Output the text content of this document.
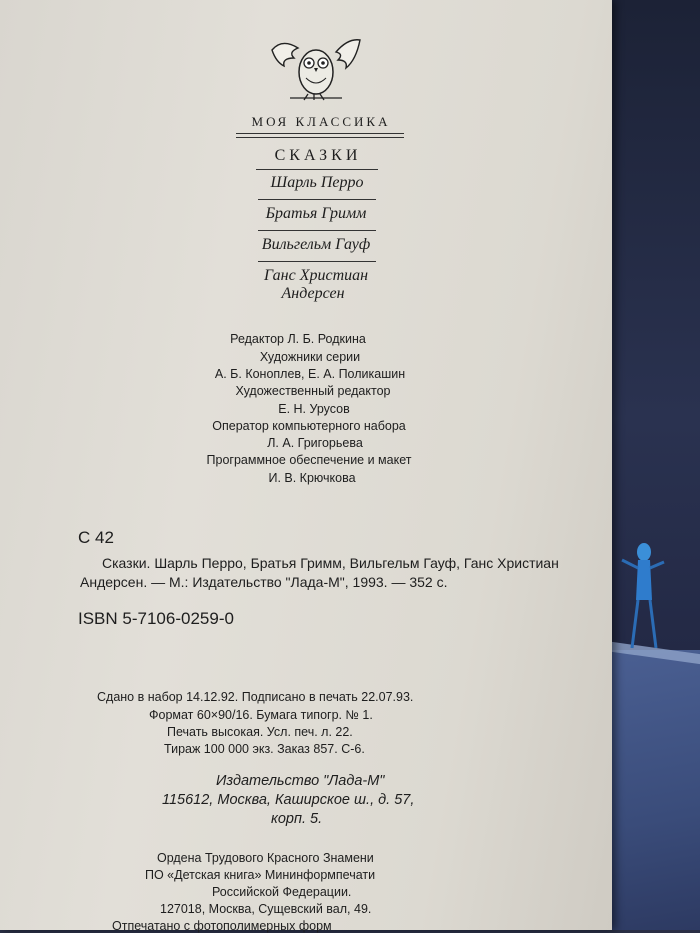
МОЯ КЛАССИКА
СКАЗКИ
Шарль Перро
Братья Гримм
Вильгельм Гауф
Ганс Христиан
Андерсен
Редактор Л. Б. Родкина
Художники серии
А. Б. Коноплев, Е. А. Поликашин
Художественный редактор
Е. Н. Урусов
Оператор компьютерного набора
Л. А. Григорьева
Программное обеспечение и макет
И. В. Крючкова
С 42
Сказки. Шарль Перро, Братья Гримм, Вильгельм Гауф, Ганс Христиан
Андерсен. — М.: Издательство "Лада-М", 1993. — 352 с.
ISBN 5-7106-0259-0
Сдано в набор 14.12.92. Подписано в печать 22.07.93.
Формат 60×90/16. Бумага типогр. № 1.
Печать высокая. Усл. печ. л. 22.
Тираж 100 000 экз. Заказ 857. С-6.
Издательство "Лада-М"
115612, Москва, Каширское ш., д. 57,
корп. 5.
Ордена Трудового Красного Знамени
ПО «Детская книга» Мининформпечати
Российской Федерации.
127018, Москва, Сущевский вал, 49.
Отпечатано с фотополимерных форм
